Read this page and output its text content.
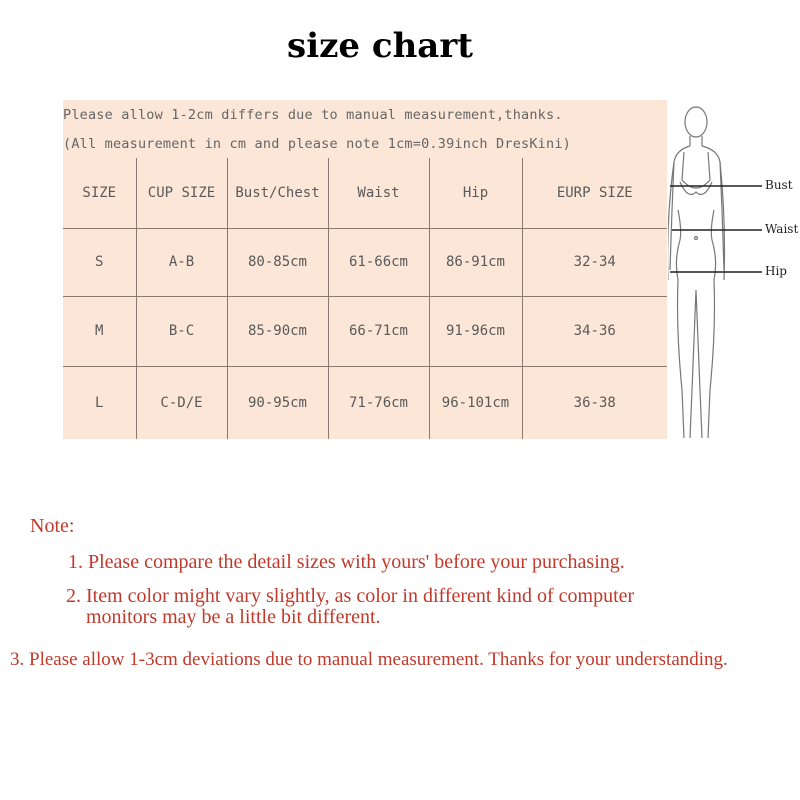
size chart
Please allow 1-2cm differs due to manual measurement,thanks.
(All measurement in cm and please note 1cm=0.39inch DresKini)
SIZE	CUP SIZE	Bust/Chest	Waist	Hip	EURP SIZE
S	A-B	80-85cm	61-66cm	86-91cm	32-34
M	B-C	85-90cm	66-71cm	91-96cm	34-36
L	C-D/E	90-95cm	71-76cm	96-101cm	36-38
Bust
Waist
Hip
Note:
1. Please compare the detail sizes with yours' before your purchasing.
2. Item color might vary slightly, as color in different kind of computer
monitors may be a little bit different.
3. Please allow 1-3cm deviations due to manual measurement. Thanks for your understanding.
